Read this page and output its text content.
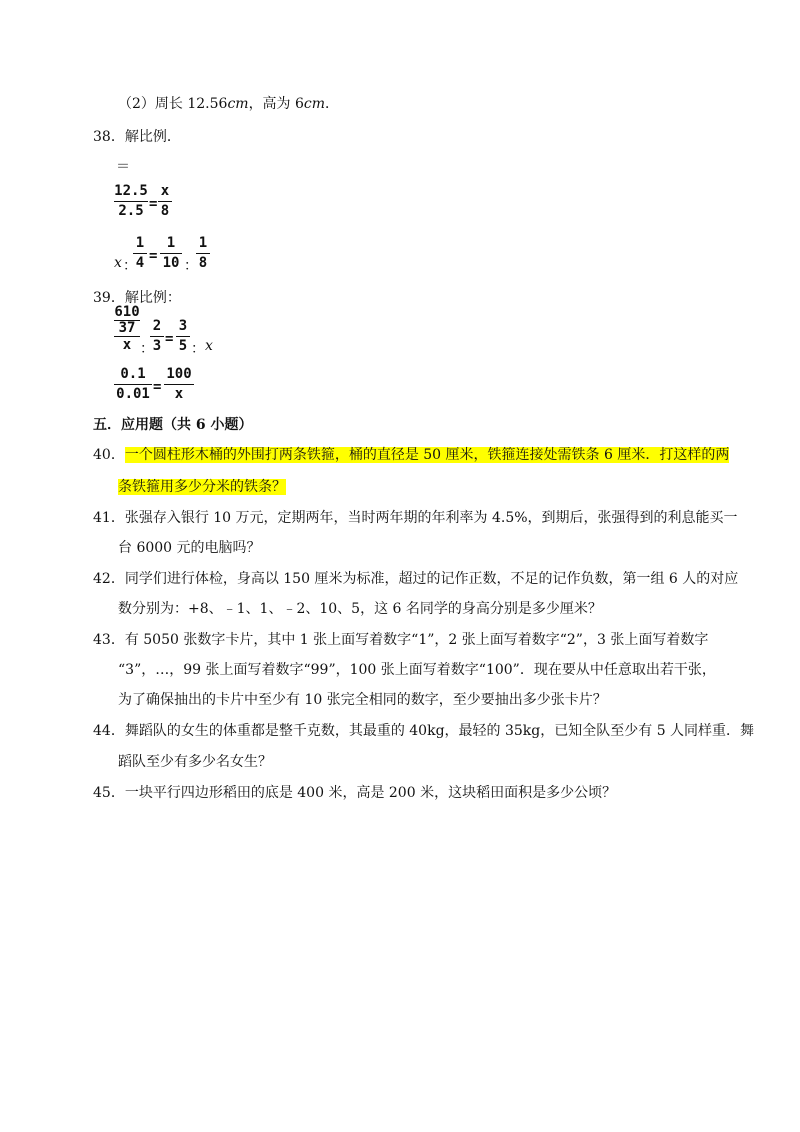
（2）周长 12.56cm，高为 6cm．
38．解比例．
＝
12.5
2.5 =
x
8
x ：
1
4 =
1
10 ：
1
8
39．解比例：
610
37
x ：
2
3 =
3
5 ： x
0.1
0.01 =
100
x
五．应用题（共 6 小题）
40．一个圆柱形木桶的外围打两条铁箍，桶的直径是 50 厘米，铁箍连接处需铁条 6 厘米．打这样的两
条铁箍用多少分米的铁条？
41．张强存入银行 10 万元，定期两年，当时两年期的年利率为 4.5%，到期后，张强得到的利息能买一
台 6000 元的电脑吗？
42．同学们进行体检，身高以 150 厘米为标准，超过的记作正数，不足的记作负数，第一组 6 人的对应
数分别为：+8、﹣1、1、﹣2、10、5，这 6 名同学的身高分别是多少厘米？
43．有 5050 张数字卡片，其中 1 张上面写着数字“1”，2 张上面写着数字“2”，3 张上面写着数字
“3”，…，99 张上面写着数字“99”，100 张上面写着数字“100”．现在要从中任意取出若干张，
为了确保抽出的卡片中至少有 10 张完全相同的数字，至少要抽出多少张卡片？
44．舞蹈队的女生的体重都是整千克数，其最重的 40kg，最轻的 35kg，已知全队至少有 5 人同样重．舞
蹈队至少有多少名女生？
45．一块平行四边形稻田的底是 400 米，高是 200 米，这块稻田面积是多少公顷？
